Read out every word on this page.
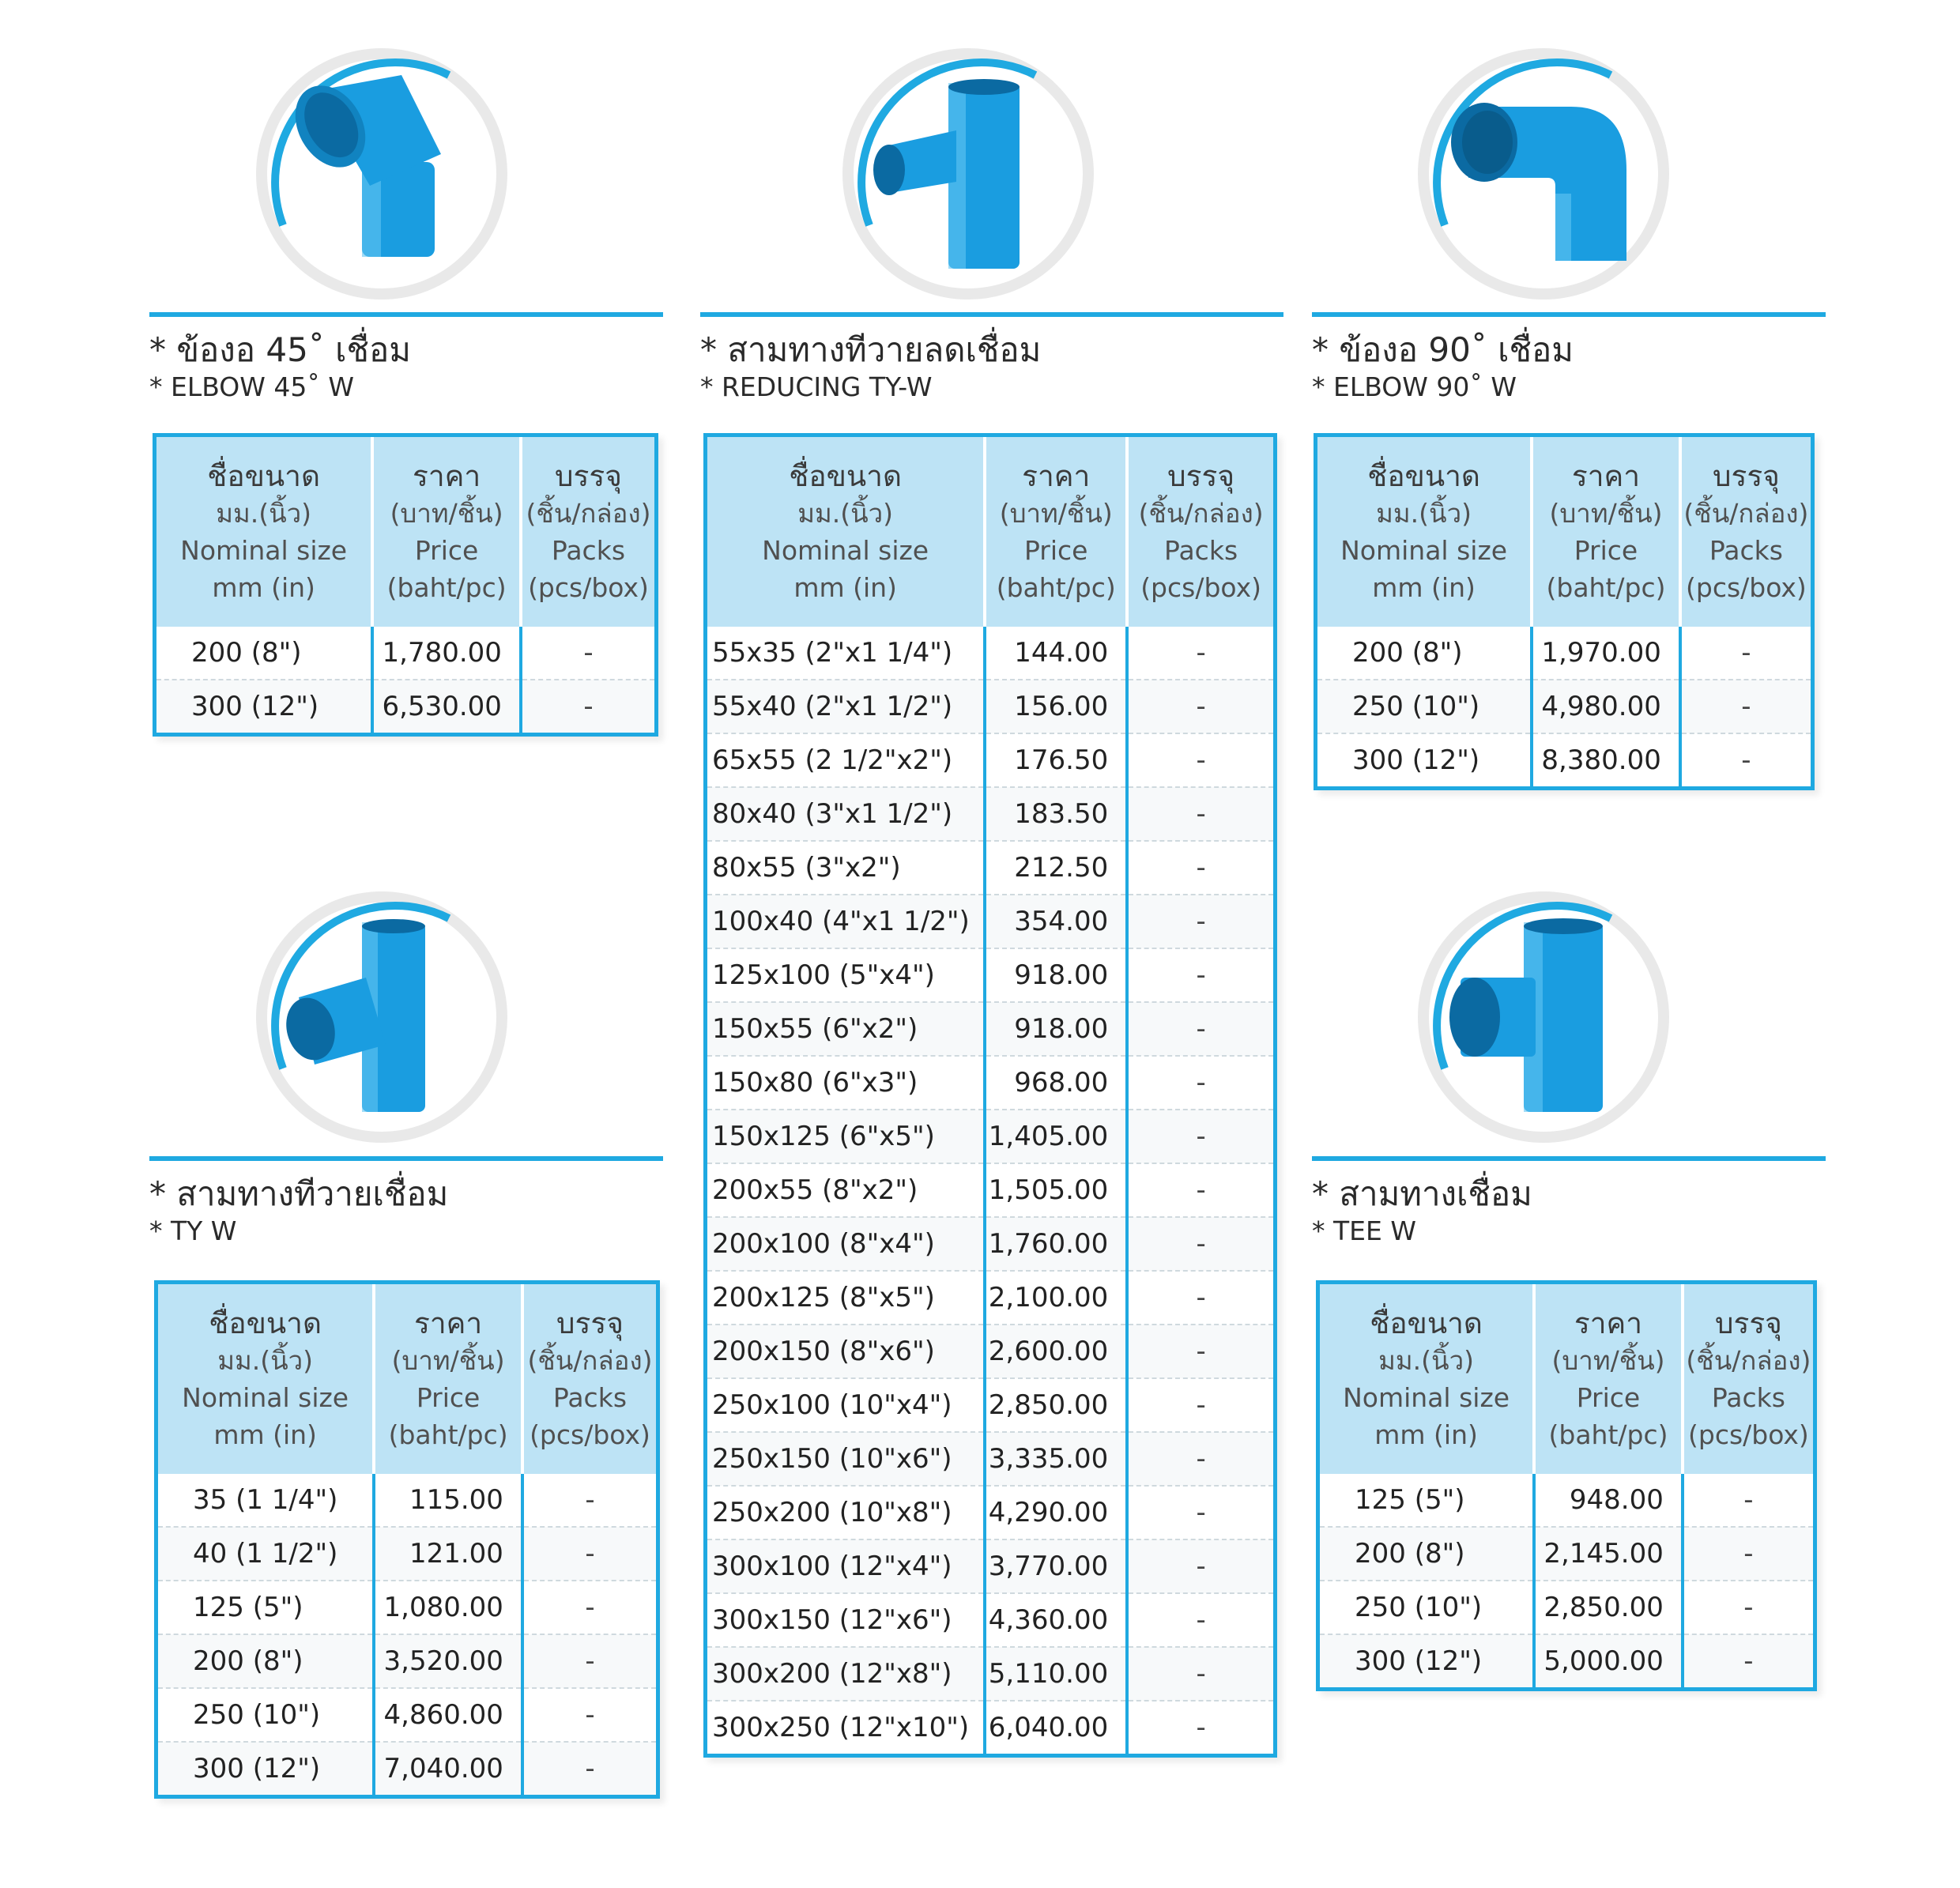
* ข้องอ 45˚ เชื่อม
* ELBOW 45˚ W
ชื่อขนาด
มม.(นิ้ว)
Nominal size
mm (in)	ราคา
(บาท/ชิ้น)
Price
(baht/pc)	บรรจุ
(ชิ้น/กล่อง)
Packs
(pcs/box)

200 (8")	1,780.00	-
300 (12")	6,530.00	-
* สามทางทีวายลดเชื่อม
* REDUCING TY-W
ชื่อขนาด
มม.(นิ้ว)
Nominal size
mm (in)	ราคา
(บาท/ชิ้น)
Price
(baht/pc)	บรรจุ
(ชิ้น/กล่อง)
Packs
(pcs/box)

55x35 (2"x1 1/4")	144.00	-
55x40 (2"x1 1/2")	156.00	-
65x55 (2 1/2"x2")	176.50	-
80x40 (3"x1 1/2")	183.50	-
80x55 (3"x2")	212.50	-
100x40 (4"x1 1/2")	354.00	-
125x100 (5"x4")	918.00	-
150x55 (6"x2")	918.00	-
150x80 (6"x3")	968.00	-
150x125 (6"x5")	1,405.00	-
200x55 (8"x2")	1,505.00	-
200x100 (8"x4")	1,760.00	-
200x125 (8"x5")	2,100.00	-
200x150 (8"x6")	2,600.00	-
250x100 (10"x4")	2,850.00	-
250x150 (10"x6")	3,335.00	-
250x200 (10"x8")	4,290.00	-
300x100 (12"x4")	3,770.00	-
300x150 (12"x6")	4,360.00	-
300x200 (12"x8")	5,110.00	-
300x250 (12"x10")	6,040.00	-
* ข้องอ 90˚ เชื่อม
* ELBOW 90˚ W
ชื่อขนาด
มม.(นิ้ว)
Nominal size
mm (in)	ราคา
(บาท/ชิ้น)
Price
(baht/pc)	บรรจุ
(ชิ้น/กล่อง)
Packs
(pcs/box)

200 (8")	1,970.00	-
250 (10")	4,980.00	-
300 (12")	8,380.00	-
* สามทางทีวายเชื่อม
* TY W
ชื่อขนาด
มม.(นิ้ว)
Nominal size
mm (in)	ราคา
(บาท/ชิ้น)
Price
(baht/pc)	บรรจุ
(ชิ้น/กล่อง)
Packs
(pcs/box)

35 (1 1/4")	115.00	-
40 (1 1/2")	121.00	-
125 (5")	1,080.00	-
200 (8")	3,520.00	-
250 (10")	4,860.00	-
300 (12")	7,040.00	-
* สามทางเชื่อม
* TEE W
ชื่อขนาด
มม.(นิ้ว)
Nominal size
mm (in)	ราคา
(บาท/ชิ้น)
Price
(baht/pc)	บรรจุ
(ชิ้น/กล่อง)
Packs
(pcs/box)

125 (5")	948.00	-
200 (8")	2,145.00	-
250 (10")	2,850.00	-
300 (12")	5,000.00	-
